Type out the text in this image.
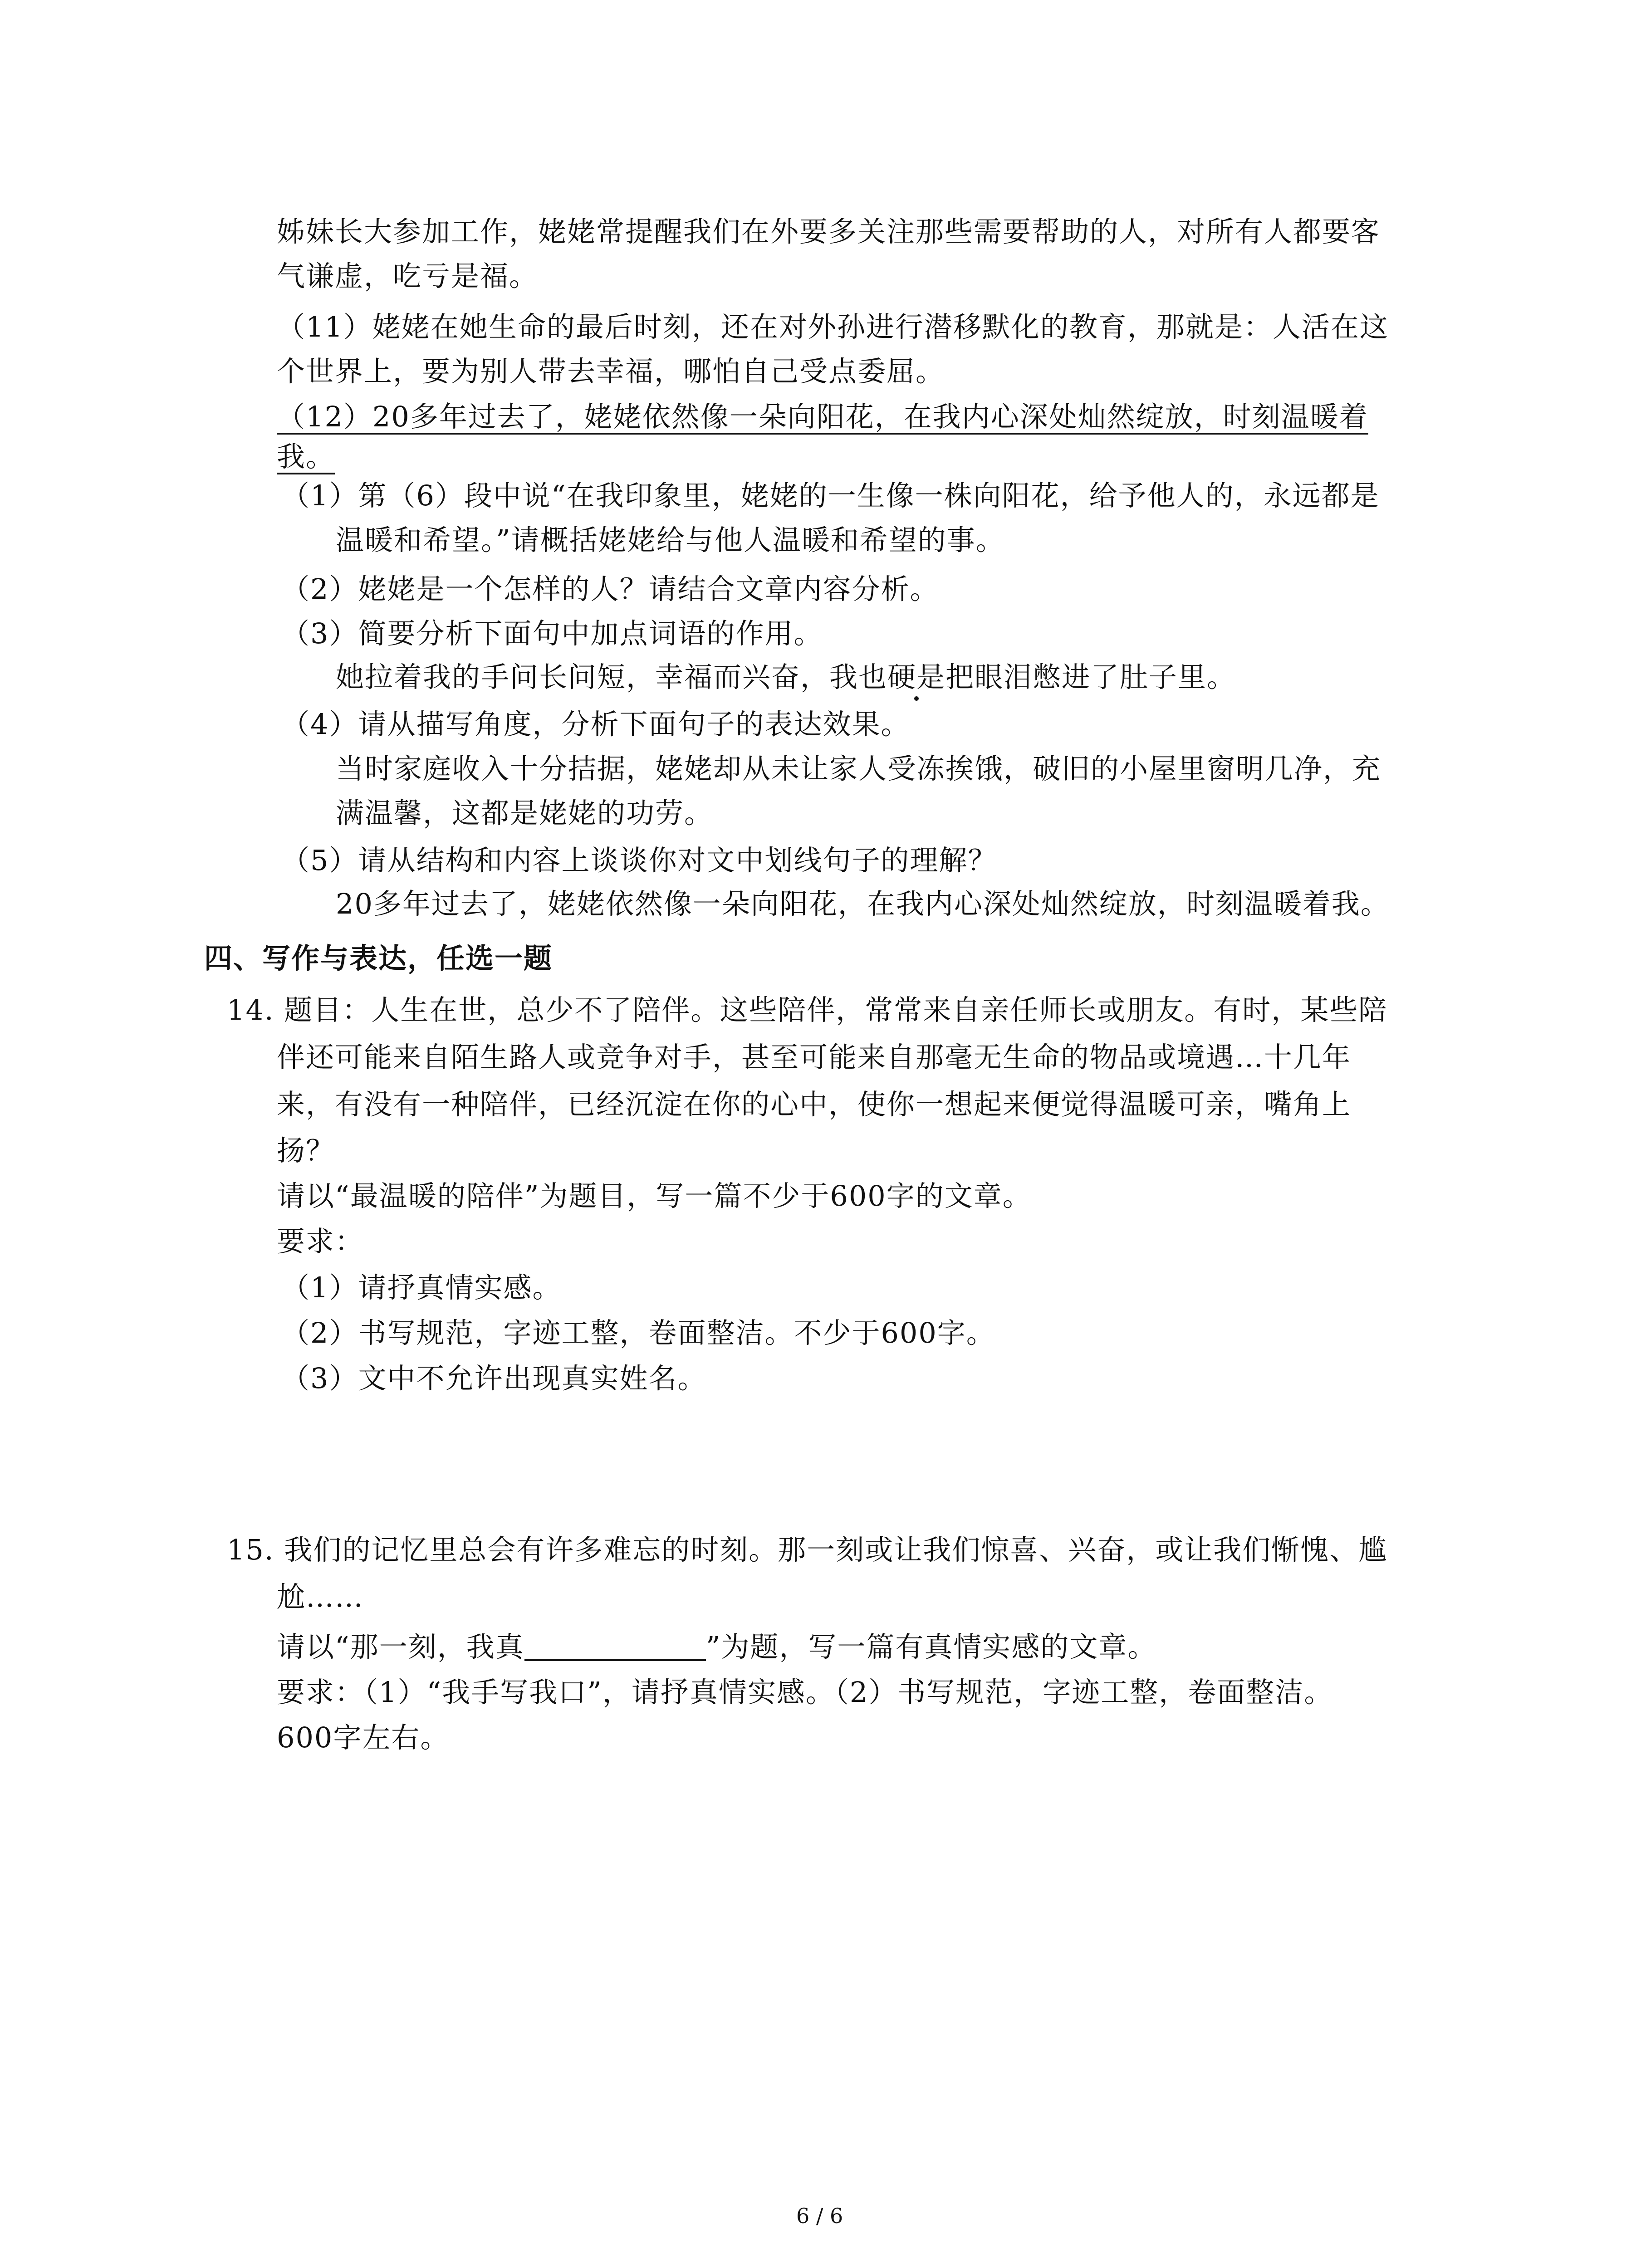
姊妹长大参加工作，姥姥常提醒我们在外要多关注那些需要帮助的人，对所有人都要客
气谦虚，吃亏是福。
（11）姥姥在她生命的最后时刻，还在对外孙进行潜移默化的教育，那就是：人活在这
个世界上，要为别人带去幸福，哪怕自己受点委屈。
（12）20多年过去了，姥姥依然像一朵向阳花，在我内心深处灿然绽放，时刻温暖着
我。
（1）第（6）段中说“在我印象里，姥姥的一生像一株向阳花，给予他人的，永远都是
温暖和希望。”请概括姥姥给与他人温暖和希望的事。
（2）姥姥是一个怎样的人？请结合文章内容分析。
（3）简要分析下面句中加点词语的作用。
她拉着我的手问长问短，幸福而兴奋，我也硬是把眼泪憋进了肚子里。
（4）请从描写角度，分析下面句子的表达效果。
当时家庭收入十分拮据，姥姥却从未让家人受冻挨饿，破旧的小屋里窗明几净，充
满温馨，这都是姥姥的功劳。
（5）请从结构和内容上谈谈你对文中划线句子的理解？
20多年过去了，姥姥依然像一朵向阳花，在我内心深处灿然绽放，时刻温暖着我。
四、写作与表达，任选一题
14. 题目：人生在世，总少不了陪伴。这些陪伴，常常来自亲任师长或朋友。有时，某些陪
伴还可能来自陌生路人或竞争对手，甚至可能来自那毫无生命的物品或境遇…十几年
来，有没有一种陪伴，已经沉淀在你的心中，使你一想起来便觉得温暖可亲，嘴角上
扬？
请以“最温暖的陪伴”为题目，写一篇不少于600字的文章。
要求：
（1）请抒真情实感。
（2）书写规范，字迹工整，卷面整洁。不少于600字。
（3）文中不允许出现真实姓名。
15. 我们的记忆里总会有许多难忘的时刻。那一刻或让我们惊喜、兴奋，或让我们惭愧、尴
尬……
请以“那一刻，我真	”为题，写一篇有真情实感的文章。
要求：（1）“我手写我口”，请抒真情实感。（2）书写规范，字迹工整，卷面整洁。
600字左右。
6 / 6
